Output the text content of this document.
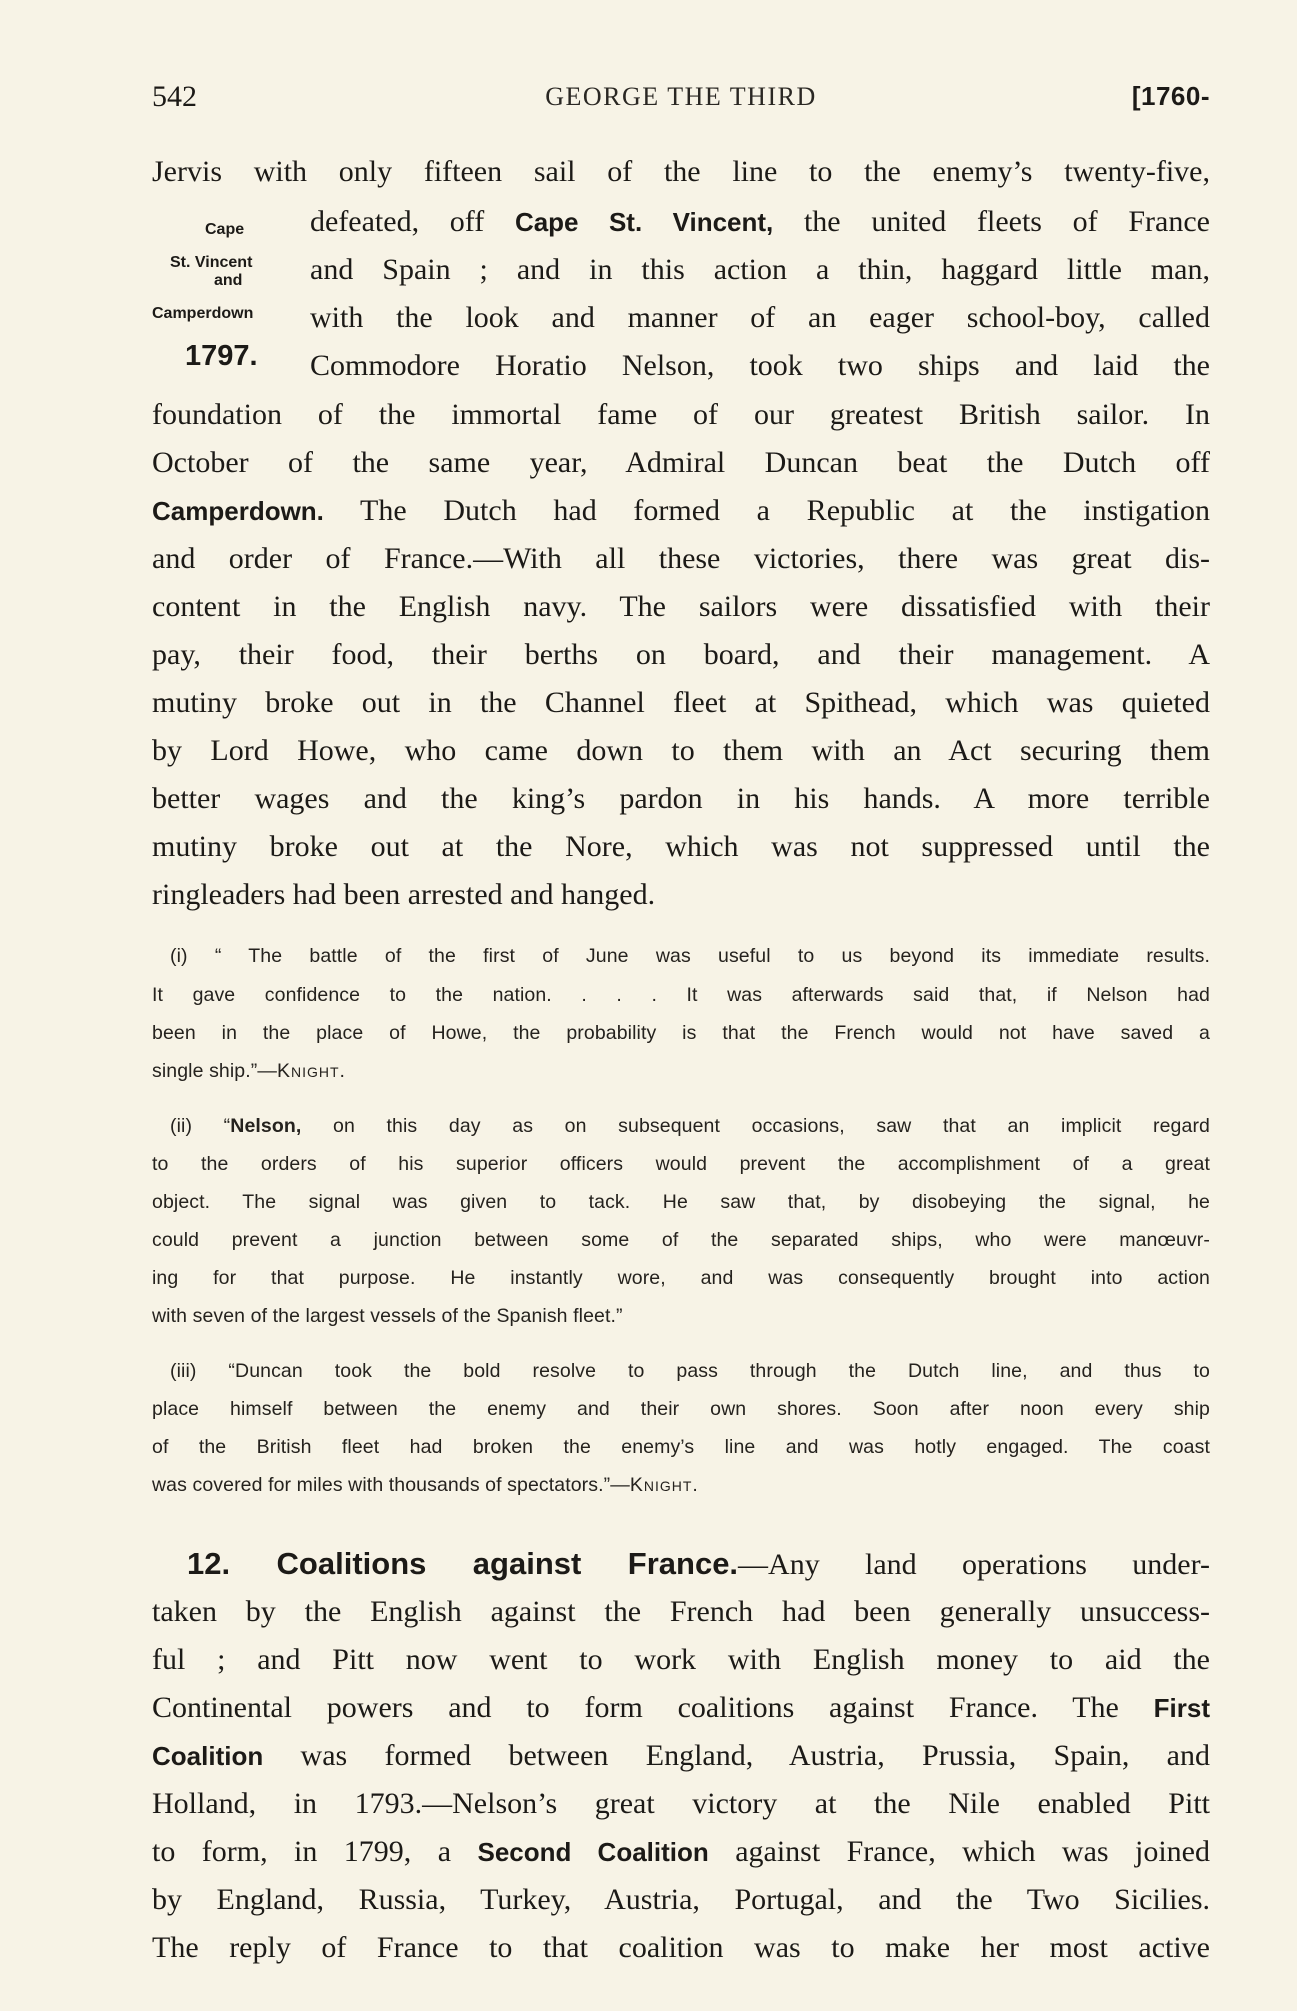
542	GEORGE THE THIRD	[1760-
Cape
St. Vincent
and
Camperdown
1797.
Jervis with only fifteen sail of the line to the enemy’s twenty-five,
defeated, off Cape St. Vincent, the united fleets of France
and Spain ; and in this action a thin, haggard little man,
with the look and manner of an eager school-boy, called
Commodore Horatio Nelson, took two ships and laid the
foundation of the immortal fame of our greatest British sailor. In
October of the same year, Admiral Duncan beat the Dutch off
Camperdown. The Dutch had formed a Republic at the instigation
and order of France.—With all these victories, there was great dis-
content in the English navy. The sailors were dissatisfied with their
pay, their food, their berths on board, and their management. A
mutiny broke out in the Channel fleet at Spithead, which was quieted
by Lord Howe, who came down to them with an Act securing them
better wages and the king’s pardon in his hands. A more terrible
mutiny broke out at the Nore, which was not suppressed until the
ringleaders had been arrested and hanged.
(i) “ The battle of the first of June was useful to us beyond its immediate results.
It gave confidence to the nation. . . . It was afterwards said that, if Nelson had
been in the place of Howe, the probability is that the French would not have saved a
single ship.”—Knight.
(ii) “Nelson, on this day as on subsequent occasions, saw that an implicit regard
to the orders of his superior officers would prevent the accomplishment of a great
object. The signal was given to tack. He saw that, by disobeying the signal, he
could prevent a junction between some of the separated ships, who were manœuvr-
ing for that purpose. He instantly wore, and was consequently brought into action
with seven of the largest vessels of the Spanish fleet.”
(iii) “Duncan took the bold resolve to pass through the Dutch line, and thus to
place himself between the enemy and their own shores. Soon after noon every ship
of the British fleet had broken the enemy’s line and was hotly engaged. The coast
was covered for miles with thousands of spectators.”—Knight.
12. Coalitions against France.—Any land operations under-
taken by the English against the French had been generally unsuccess-
ful ; and Pitt now went to work with English money to aid the
Continental powers and to form coalitions against France. The First
Coalition was formed between England, Austria, Prussia, Spain, and
Holland, in 1793.—Nelson’s great victory at the Nile enabled Pitt
to form, in 1799, a Second Coalition against France, which was joined
by England, Russia, Turkey, Austria, Portugal, and the Two Sicilies.
The reply of France to that coalition was to make her most active
